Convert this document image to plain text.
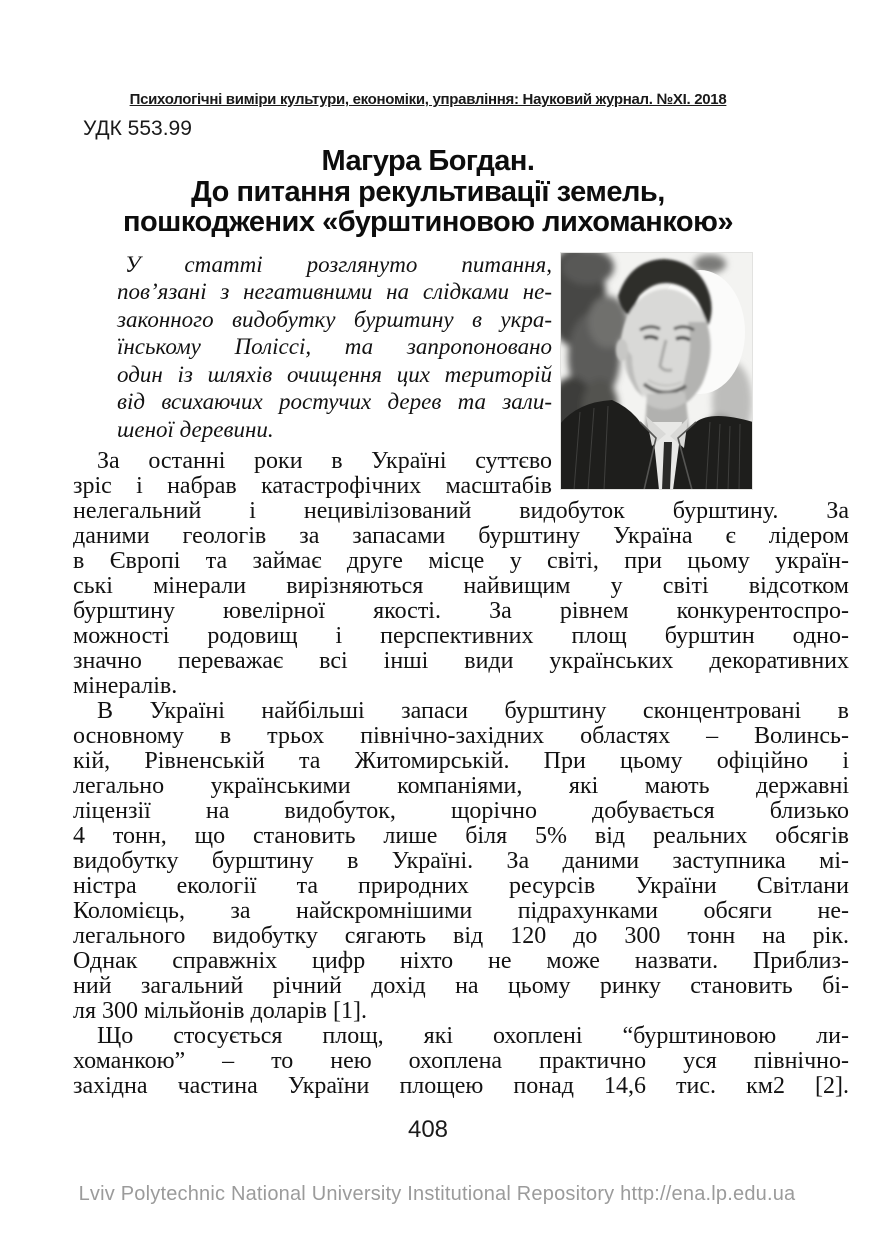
Психологічні виміри культури, економіки, управління: Науковий журнал. №XI. 2018
УДК 553.99
Магура Богдан.
До питання рекультивації земель,
пошкоджених «бурштиновою лихоманкою»
У статті розглянуто питання,
пов’язані з негативними на слідками не-
законного видобутку бурштину в укра-
їнському Поліссі, та запропоновано
один із шляхів очищення цих територій
від всихаючих ростучих дерев та зали-
шеної деревини.
За останні роки в Україні суттєво
зріс і набрав катастрофічних масштабів
нелегальний і нецивілізований видобуток бурштину. За
даними геологів за запасами бурштину Україна є лідером
в Європі та займає друге місце у світі, при цьому україн-
ські мінерали вирізняються найвищим у світі відсотком
бурштину ювелірної якості. За рівнем конкурентоспро-
можності родовищ і перспективних площ бурштин одно-
значно переважає всі інші види українських декоративних
мінералів.
В Україні найбільші запаси бурштину сконцентровані в
основному в трьох північно-західних областях – Волинсь-
кій, Рівненській та Житомирській. При цьому офіційно і
легально українськими компаніями, які мають державні
ліцензії на видобуток, щорічно добувається близько
4 тонн, що становить лише біля 5% від реальних обсягів
видобутку бурштину в Україні. За даними заступника мі-
ністра екології та природних ресурсів України Світлани
Коломієць, за найскромнішими підрахунками обсяги не-
легального видобутку сягають від 120 до 300 тонн на рік.
Однак справжніх цифр ніхто не може назвати. Приблиз-
ний загальний річний дохід на цьому ринку становить бі-
ля 300 мільйонів доларів [1].
Що стосується площ, які охоплені “бурштиновою ли-
хоманкою” – то нею охоплена практично уся північно-
західна частина України площею понад 14,6 тис. км2 [2].
408
Lviv Polytechnic National University Institutional Repository http://ena.lp.edu.ua
